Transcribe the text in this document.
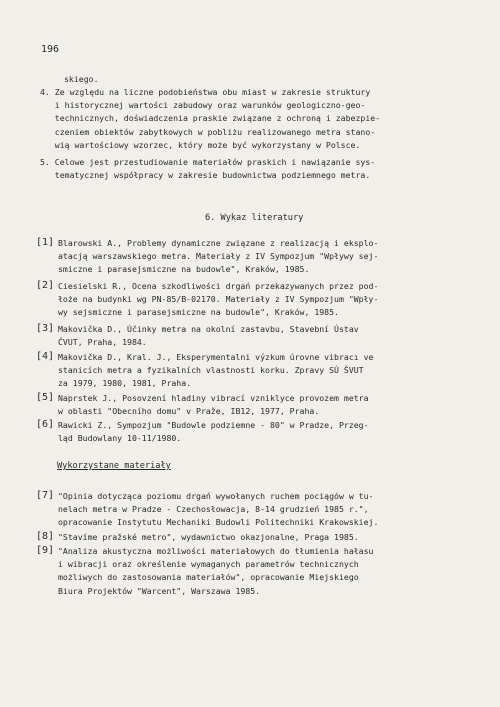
196

skiego.

4. Ze względu na liczne podobieństwa obu miast w zakresie struktury
i historycznej wartości zabudowy oraz warunków geologiczno-geo-
technicznych, doświadczenia praskie związane z ochroną i zabezpie-
czeniem obiektów zabytkowych w pobliżu realizowanego metra stano-
wią wartościowy wzorzec, który może być wykorzystany w Polsce.

5. Celowe jest przestudiowanie materiałów praskich i nawiązanie sys-
tematycznej współpracy w zakresie budownictwa podziemnego metra.

6. Wykaz literatury
[1] Blarowski A., Problemy dynamiczne związane z realizacją i eksplo-
atacją warszawskiego metra. Materiały z IV Sympozjum "Wpływy sej-
smiczne i parasejsmiczne na budowle", Kraków, 1985.

[2] Ciesielski R., Ocena szkodliwości drgań przekazywanych przez pod-
łoże na budynki wg PN-85/B-02170. Materiały z IV Sympozjum "Wpły-
wy sejsmiczne i parasejsmiczne na budowle", Kraków, 1985.

[3] Makovička D., Účinky metra na okolní zastavbu, Stavební Ústav
ČVUT, Praha, 1984.

[4] Makovička D., Kral. J., Eksperymentalni výzkum úrovne vibracı ve
stanicích metra a fyzikalních vlastnosti korku. Zpravy SÚ ŠVUT
za 1979, 1980, 1981, Praha.

[5] Naprstek J., Posovzení hladiny vibrací vzniklyce provozem metra
w oblasti "Obecního domu" v Praže, IB12, 1977, Praha.

[6] Rawicki Z., Sympozjum "Budowle podziemne - 80" w Pradze, Przeg-
ląd Budowlany 10-11/1980.

Wykorzystane materiały
[7] "Opinia dotycząca poziomu drgań wywołanych ruchem pociągów w tu-
nelach metra w Pradze - Czechosłowacja, 8-14 grudzień 1985 r.",
opracowanie Instytutu Mechaniki Budowli Politechniki Krakowskiej.

[8] "Stavíme pražské metro", wydawnictwo okazjonalne, Praga 1985.

[9] "Analiza akustyczna możliwości materiałowych do tłumienia hałasu
i wibracji oraz określenie wymaganych parametrów technicznych
możliwych do zastosowania materiałów", opracowanie Miejskiego
Biura Projektów "Warcent", Warszawa 1985.
